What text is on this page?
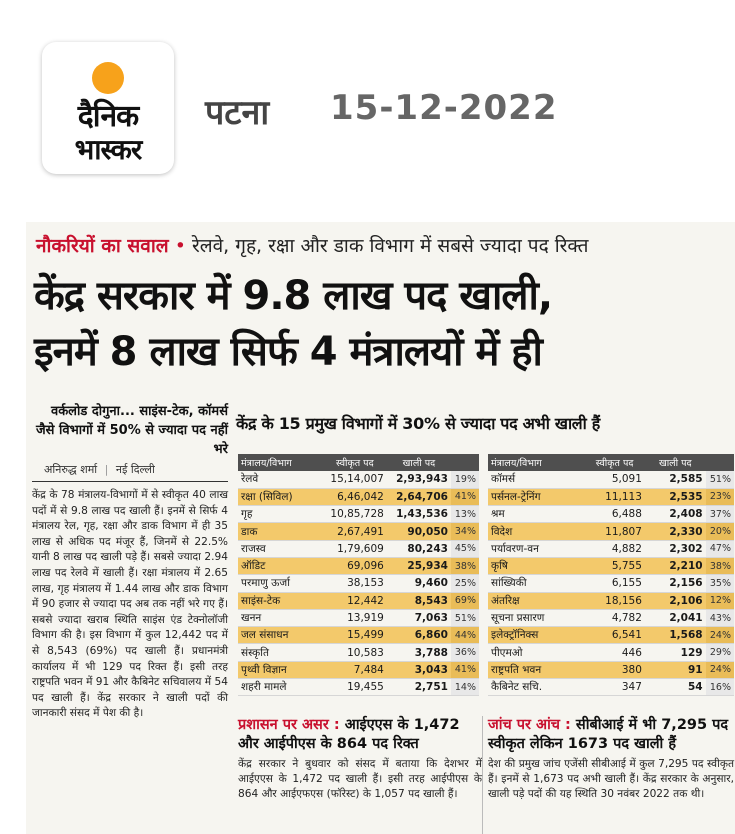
दैनिक
भास्कर
पटना 15-12-2022
नौकरियों का सवाल • रेलवे, गृह, रक्षा और डाक विभाग में सबसे ज्यादा पद रिक्त
केंद्र सरकार में 9.8 लाख पद खाली,
इनमें 8 लाख सिर्फ 4 मंत्रालयों में ही
वर्कलोड दोगुना... साइंस-टेक, कॉमर्स जैसे विभागों में 50% से ज्यादा पद नहीं भरे
अनिरुद्ध शर्मा | नई दिल्ली
केंद्र के 78 मंत्रालय-विभागों में से स्वीकृत 40 लाख पदों में से 9.8 लाख पद खाली हैं। इनमें से सिर्फ 4 मंत्रालय रेल, गृह, रक्षा और डाक विभाग में ही 35 लाख से अधिक पद मंजूर हैं, जिनमें से 22.5% यानी 8 लाख पद खाली पड़े हैं। सबसे ज्यादा 2.94 लाख पद रेलवे में खाली हैं। रक्षा मंत्रालय में 2.65 लाख, गृह मंत्रालय में 1.44 लाख और डाक विभाग में 90 हजार से ज्यादा पद अब तक नहीं भरे गए हैं। सबसे ज्यादा खराब स्थिति साइंस एंड टेक्नोलॉजी विभाग की है। इस विभाग में कुल 12,442 पद में से 8,543 (69%) पद खाली हैं। प्रधानमंत्री कार्यालय में भी 129 पद रिक्त हैं। इसी तरह राष्ट्रपति भवन में 91 और कैबिनेट सचिवालय में 54 पद खाली हैं। केंद्र सरकार ने खाली पदों की जानकारी संसद में पेश की है।
केंद्र के 15 प्रमुख विभागों में 30% से ज्यादा पद अभी खाली हैं
मंत्रालय/विभाग	स्वीकृत पद	खाली पद	
रेलवे	15,14,007	2,93,943	19%
रक्षा (सिविल)	6,46,042	2,64,706	41%
गृह	10,85,728	1,43,536	13%
डाक	2,67,491	90,050	34%
राजस्व	1,79,609	80,243	45%
ऑडिट	69,096	25,934	38%
परमाणु ऊर्जा	38,153	9,460	25%
साइंस-टेक	12,442	8,543	69%
खनन	13,919	7,063	51%
जल संसाधन	15,499	6,860	44%
संस्कृति	10,583	3,788	36%
पृथ्वी विज्ञान	7,484	3,043	41%
शहरी मामले	19,455	2,751	14%
मंत्रालय/विभाग	स्वीकृत पद	खाली पद	
कॉमर्स	5,091	2,585	51%
पर्सनल-ट्रेनिंग	11,113	2,535	23%
श्रम	6,488	2,408	37%
विदेश	11,807	2,330	20%
पर्यावरण-वन	4,882	2,302	47%
कृषि	5,755	2,210	38%
सांख्यिकी	6,155	2,156	35%
अंतरिक्ष	18,156	2,106	12%
सूचना प्रसारण	4,782	2,041	43%
इलेक्ट्रॉनिक्स	6,541	1,568	24%
पीएमओ	446	129	29%
राष्ट्रपति भवन	380	91	24%
कैबिनेट सचि.	347	54	16%
प्रशासन पर असर : आईएएस के 1,472 और आईपीएस के 864 पद रिक्त
केंद्र सरकार ने बुधवार को संसद में बताया कि देशभर में आईएएस के 1,472 पद खाली हैं। इसी तरह आईपीएस के 864 और आईएफएस (फॉरेस्ट) के 1,057 पद खाली हैं।
जांच पर आंच : सीबीआई में भी 7,295 पद स्वीकृत लेकिन 1673 पद खाली हैं
देश की प्रमुख जांच एजेंसी सीबीआई में कुल 7,295 पद स्वीकृत हैं। इनमें से 1,673 पद अभी खाली हैं। केंद्र सरकार के अनुसार, खाली पड़े पदों की यह स्थिति 30 नवंबर 2022 तक थी।
